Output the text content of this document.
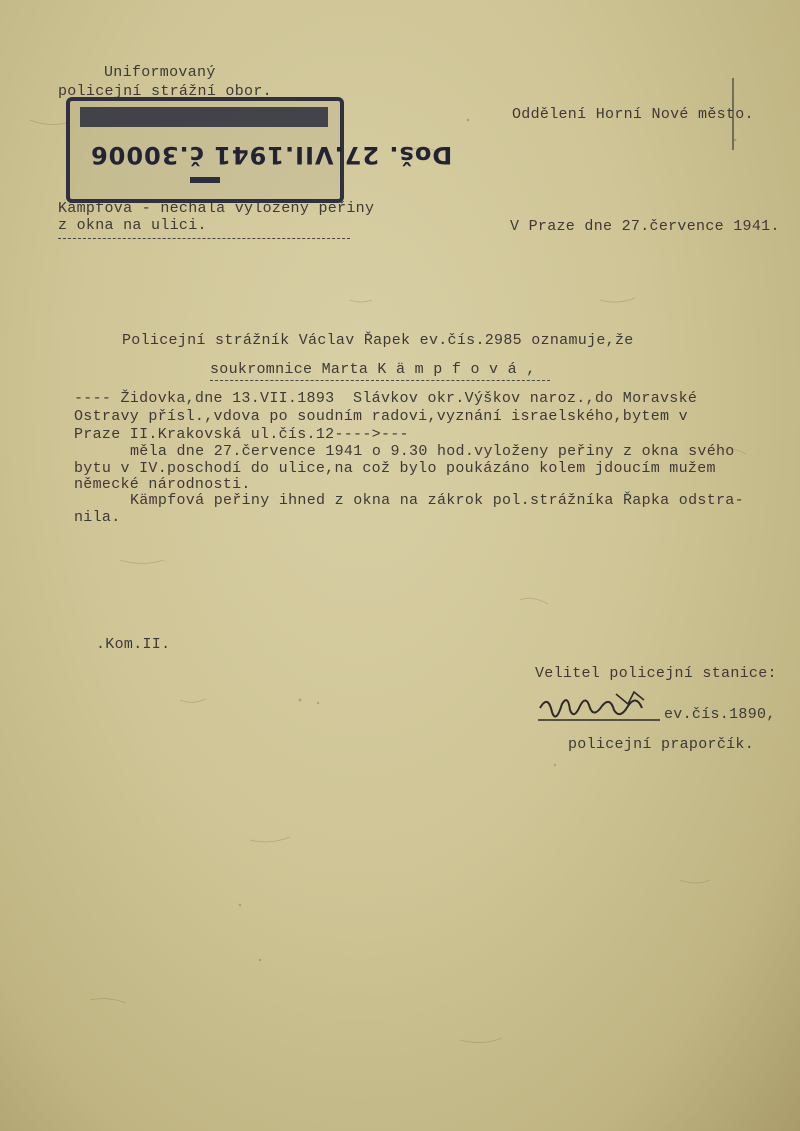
Uniformovaný
policejní strážní obor.
Kämpfová - nechala vyložený peřiny
z okna na ulici.
Doš. 27.VII.1941 č.30006
Oddělení Horní Nové město.
V Praze dne 27.července 1941.
Policejní strážník Václav Řapek ev.čís.2985 oznamuje,že
soukromnice Marta K ä m p f o v á ,
---- Židovka,dne 13.VII.1893  Slávkov okr.Výškov naroz.,do Moravské
Ostravy přísl.,vdova po soudním radovi,vyznání israelského,bytem v
Praze II.Krakovská ul.čís.12---->---
měla dne 27.července 1941 o 9.30 hod.vyloženy peřiny z okna svého
bytu v IV.poschodí do ulice,na což bylo poukázáno kolem jdoucím mužem
německé národnosti.
Kämpfová peřiny ihned z okna na zákrok pol.strážníka Řapka odstra-
nila.
.Kom.II.
Velitel policejní stanice:
ev.čís.1890,
policejní praporčík.
